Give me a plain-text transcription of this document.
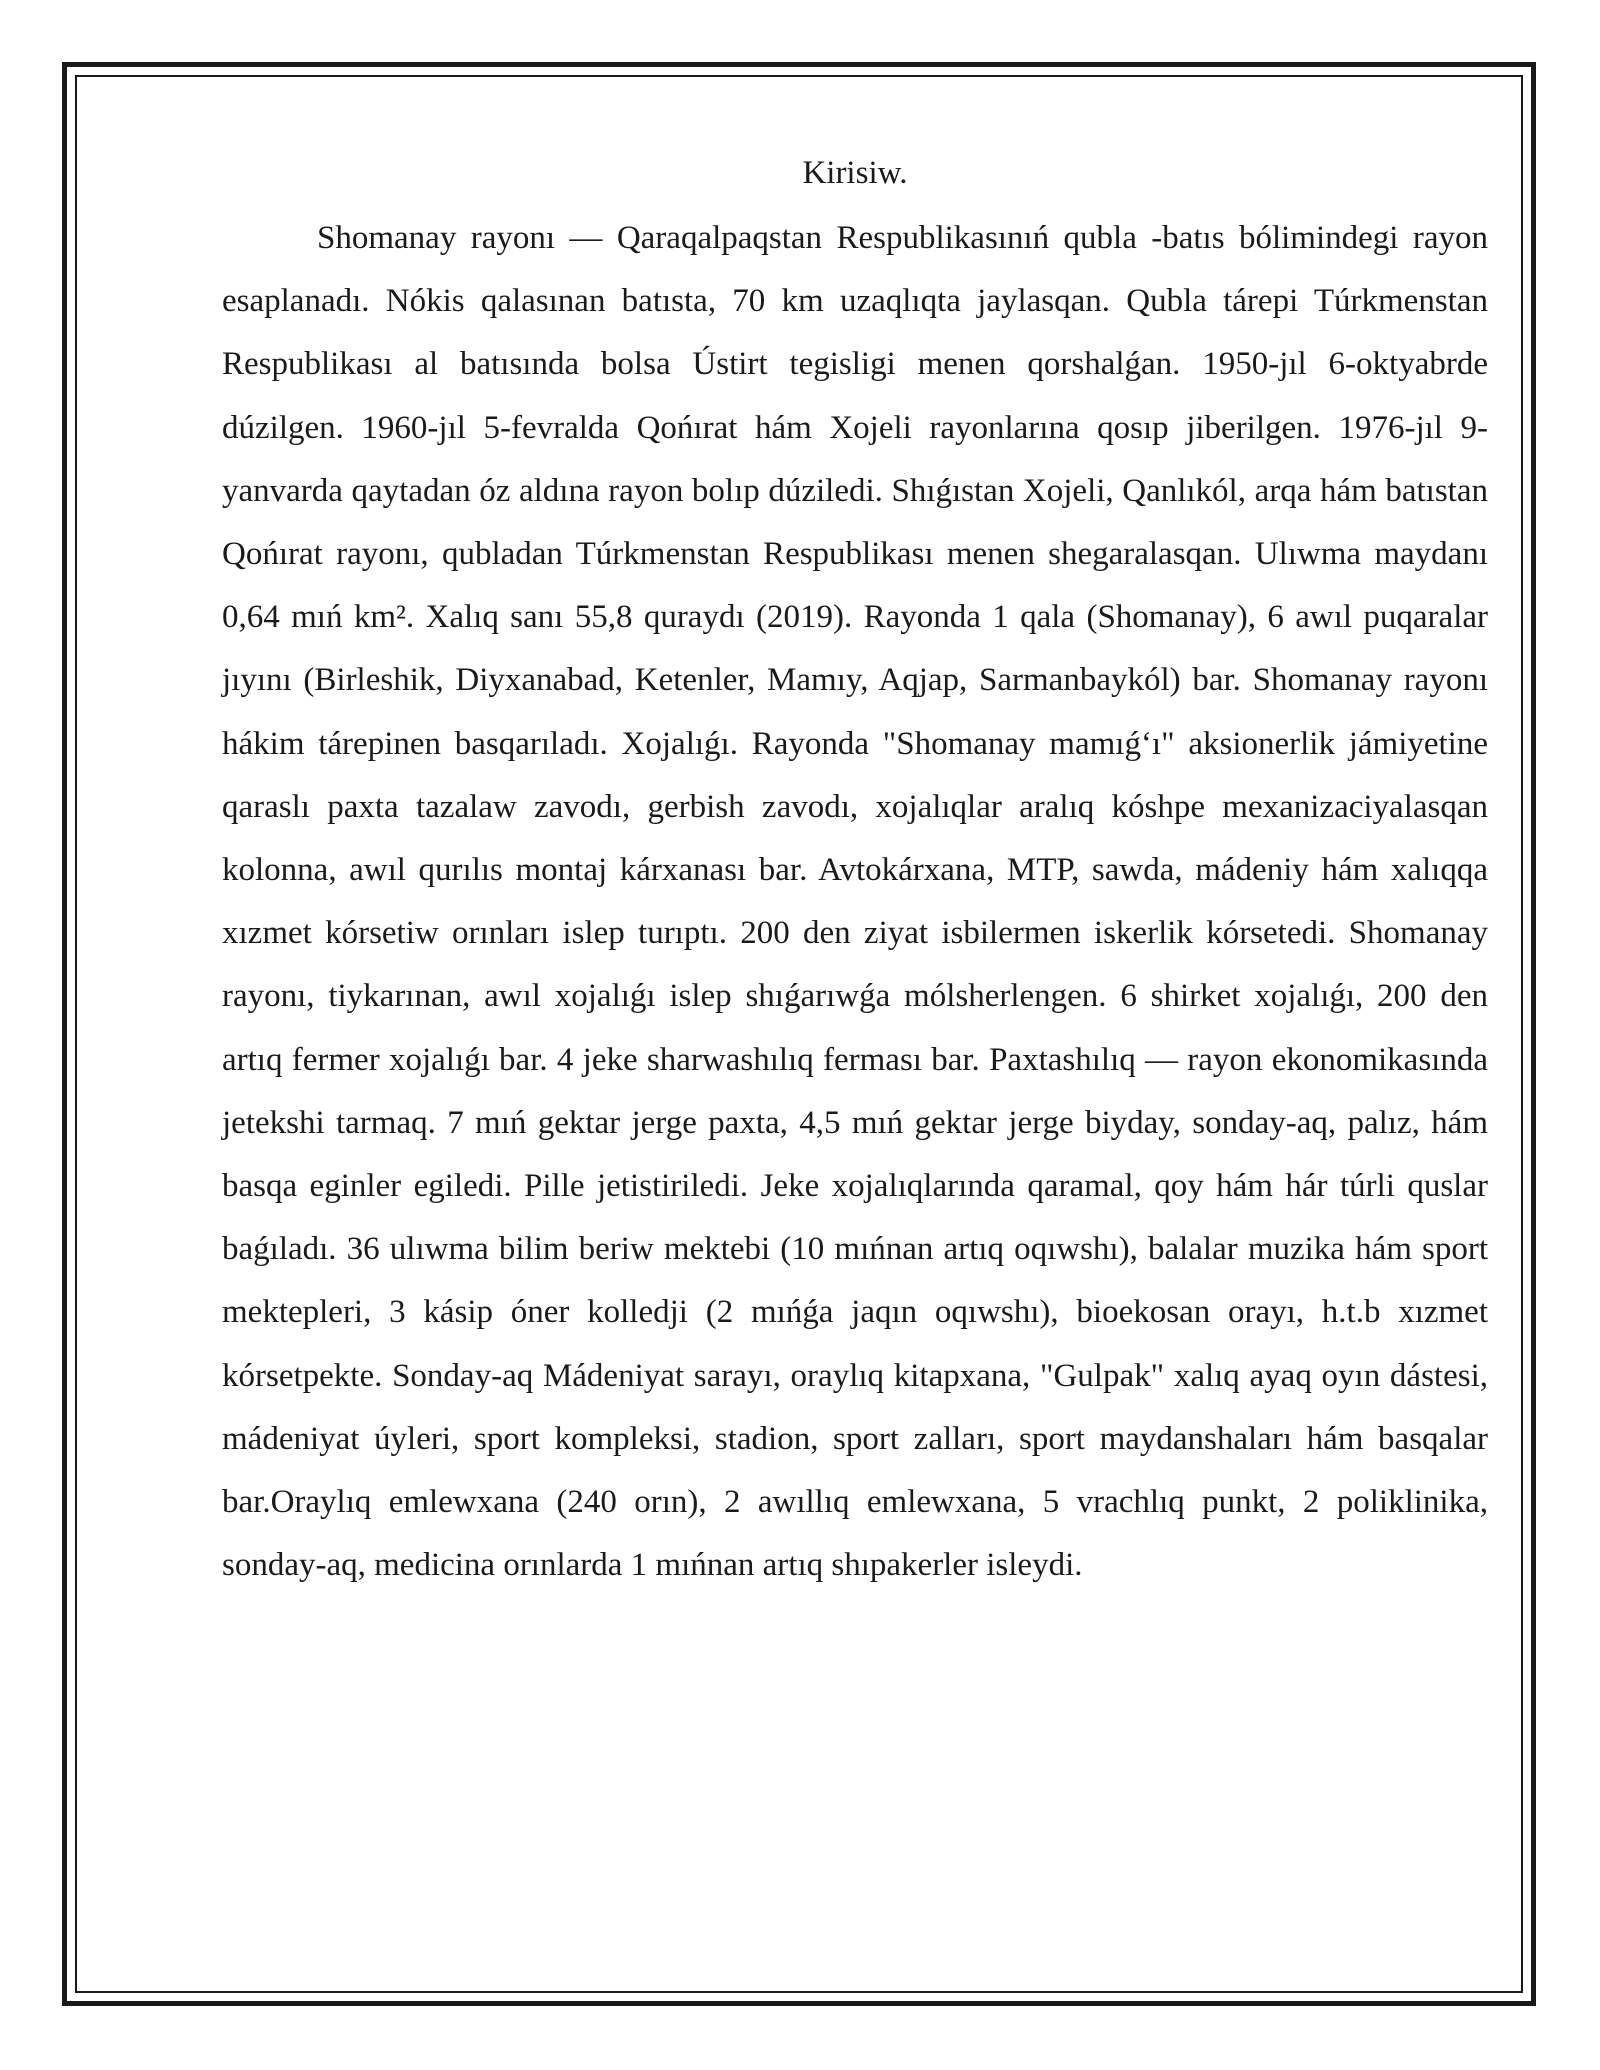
Kirisiw.

Shomanay rayonı — Qaraqalpaqstan Respublikasınıń qubla -batıs bólimindegi rayon esaplanadı. Nókis qalasınan batısta, 70 km uzaqlıqta jaylasqan. Qubla tárepi Túrkmenstan Respublikası al batısında bolsa Ústirt tegisligi menen qorshalǵan. 1950-jıl 6-oktyabrde dúzilgen. 1960-jıl 5-fevralda Qońırat hám Xojeli rayonlarına qosıp jiberilgen. 1976-jıl 9- yanvarda qaytadan óz aldına rayon bolıp dúziledi. Shıǵıstan Xojeli, Qanlıkól, arqa hám batıstan Qońırat rayonı, qubladan Túrkmenstan Respublikası menen shegaralasqan. Ulıwma maydanı 0,64 mıń km². Xalıq sanı 55,8 quraydı (2019). Rayonda 1 qala (Shomanay), 6 awıl puqaralar jıyını (Birleshik, Diyxanabad, Ketenler, Mamıy, Aqjap, Sarmanbaykól) bar. Shomanay rayonı hákim tárepinen basqarıladı. Xojalıǵı. Rayonda "Shomanay mamıǵ‘ı" aksionerlik jámiyetine qaraslı paxta tazalaw zavodı, gerbish zavodı, xojalıqlar aralıq kóshpe mexanizaciyalasqan kolonna, awıl qurılıs montaj kárxanası bar. Avtokárxana, MTP, sawda, mádeniy hám xalıqqa xızmet kórsetiw orınları islep turıptı. 200 den ziyat isbilermen iskerlik kórsetedi. Shomanay rayonı, tiykarınan, awıl xojalıǵı islep shıǵarıwǵa mólsherlengen. 6 shirket xojalıǵı, 200 den artıq fermer xojalıǵı bar. 4 jeke sharwashılıq ferması bar. Paxtashılıq — rayon ekonomikasında jetekshi tarmaq. 7 mıń gektar jerge paxta, 4,5 mıń gektar jerge biyday, sonday-aq, palız, hám basqa eginler egiledi. Pille jetistiriledi. Jeke xojalıqlarında qaramal, qoy hám hár túrli quslar baǵıladı. 36 ulıwma bilim beriw mektebi (10 mıńnan artıq oqıwshı), balalar muzika hám sport mektepleri, 3 kásip óner kolledji (2 mıńǵa jaqın oqıwshı), bioekosan orayı, h.t.b xızmet kórsetpekte. Sonday-aq Mádeniyat sarayı, oraylıq kitapxana, "Gulpak" xalıq ayaq oyın dástesi, mádeniyat úyleri, sport kompleksi, stadion, sport zalları, sport maydanshaları hám basqalar bar.Oraylıq emlewxana (240 orın), 2 awıllıq emlewxana, 5 vrachlıq punkt, 2 poliklinika, sonday-aq, medicina orınlarda 1 mıńnan artıq shıpakerler isleydi.
